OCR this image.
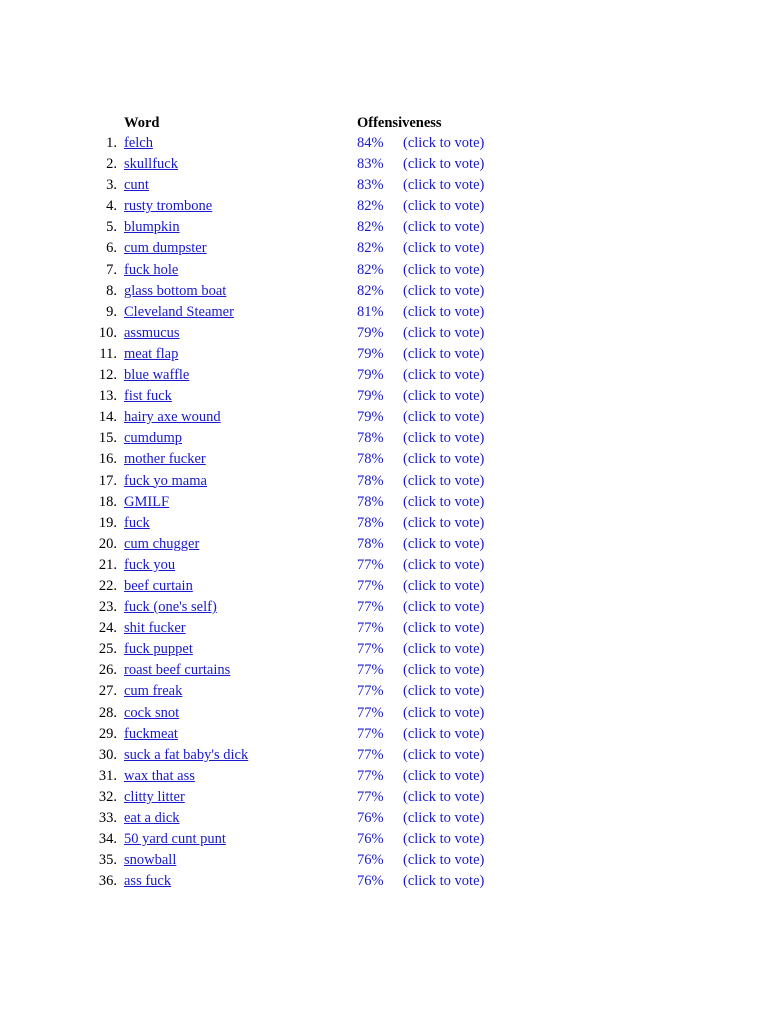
Word	Offensiveness
1. felch	84% (click to vote)
2. skullfuck	83% (click to vote)
3. cunt	83% (click to vote)
4. rusty trombone	82% (click to vote)
5. blumpkin	82% (click to vote)
6. cum dumpster	82% (click to vote)
7. fuck hole	82% (click to vote)
8. glass bottom boat	82% (click to vote)
9. Cleveland Steamer	81% (click to vote)
10. assmucus	79% (click to vote)
11. meat flap	79% (click to vote)
12. blue waffle	79% (click to vote)
13. fist fuck	79% (click to vote)
14. hairy axe wound	79% (click to vote)
15. cumdump	78% (click to vote)
16. mother fucker	78% (click to vote)
17. fuck yo mama	78% (click to vote)
18. GMILF	78% (click to vote)
19. fuck	78% (click to vote)
20. cum chugger	78% (click to vote)
21. fuck you	77% (click to vote)
22. beef curtain	77% (click to vote)
23. fuck (one's self)	77% (click to vote)
24. shit fucker	77% (click to vote)
25. fuck puppet	77% (click to vote)
26. roast beef curtains	77% (click to vote)
27. cum freak	77% (click to vote)
28. cock snot	77% (click to vote)
29. fuckmeat	77% (click to vote)
30. suck a fat baby's dick	77% (click to vote)
31. wax that ass	77% (click to vote)
32. clitty litter	77% (click to vote)
33. eat a dick	76% (click to vote)
34. 50 yard cunt punt	76% (click to vote)
35. snowball	76% (click to vote)
36. ass fuck	76% (click to vote)
